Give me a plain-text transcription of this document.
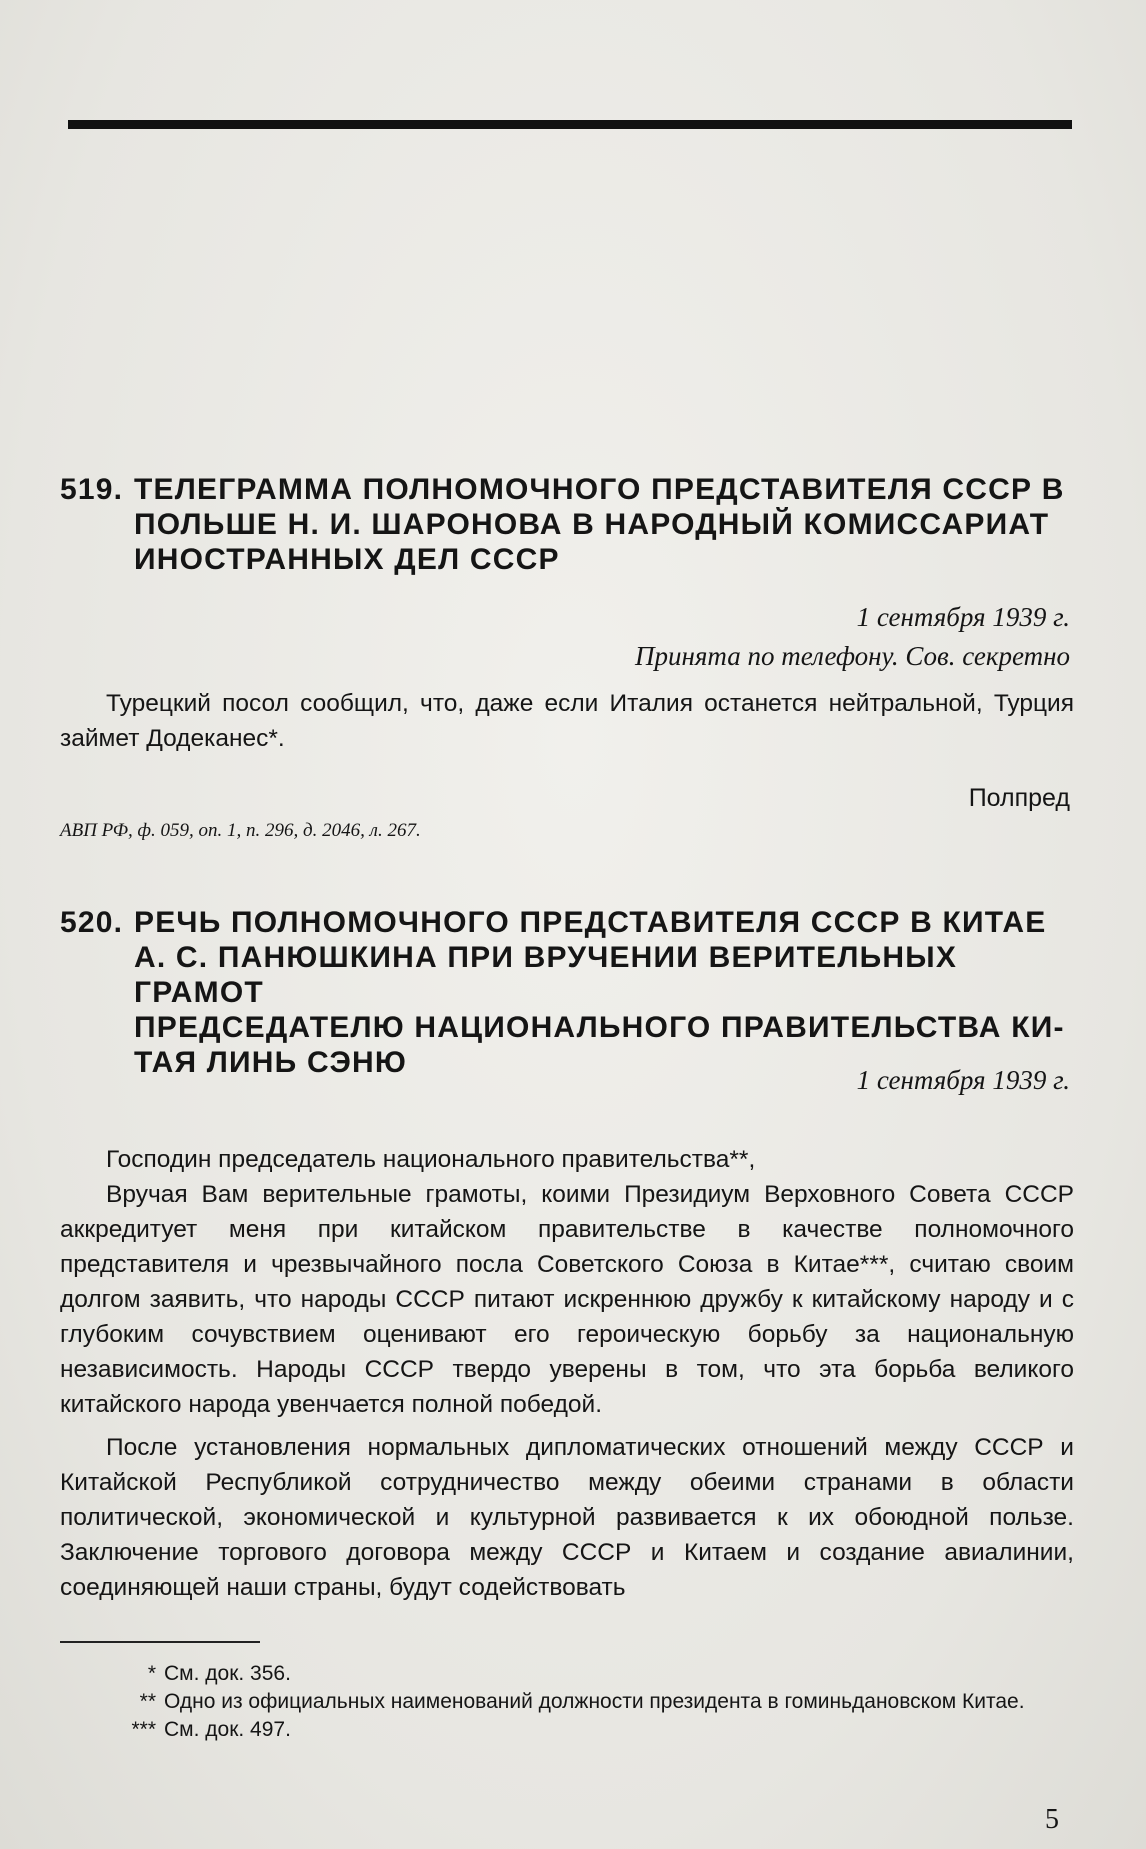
519. ТЕЛЕГРАММА ПОЛНОМОЧНОГО ПРЕДСТАВИТЕЛЯ СССР В
ПОЛЬШЕ Н. И. ШАРОНОВА В НАРОДНЫЙ КОМИССАРИАТ
ИНОСТРАННЫХ ДЕЛ СССР

1 сентября 1939 г.

Принята по телефону. Сов. секретно

Турецкий посол сообщил, что, даже если Италия останется нейтральной, Турция займет Додеканес*.

Полпред

АВП РФ, ф. 059, оп. 1, п. 296, д. 2046, л. 267.

520. РЕЧЬ ПОЛНОМОЧНОГО ПРЕДСТАВИТЕЛЯ СССР В КИТАЕ
А. С. ПАНЮШКИНА ПРИ ВРУЧЕНИИ ВЕРИТЕЛЬНЫХ ГРАМОТ
ПРЕДСЕДАТЕЛЮ НАЦИОНАЛЬНОГО ПРАВИТЕЛЬСТВА КИ-
ТАЯ ЛИНЬ СЭНЮ

1 сентября 1939 г.

Господин председатель национального правительства**,

Вручая Вам верительные грамоты, коими Президиум Верховного Совета СССР аккредитует меня при китайском правительстве в качестве полномочного представителя и чрезвычайного посла Советского Союза в Китае***, считаю своим долгом заявить, что народы СССР питают искреннюю дружбу к китайскому народу и с глубоким сочувствием оценивают его героическую борьбу за национальную независимость. Народы СССР твердо уверены в том, что эта борьба великого китайского народа увенчается полной победой.

После установления нормальных дипломатических отношений между СССР и Китайской Республикой сотрудничество между обеими странами в области политической, экономической и культурной развивается к их обоюдной пользе. Заключение торгового договора между СССР и Китаем и создание авиалинии, соединяющей наши страны, будут содействовать

* См. док. 356.

** Одно из официальных наименований должности президента в гоминьдановском Китае.

*** См. док. 497.

5
